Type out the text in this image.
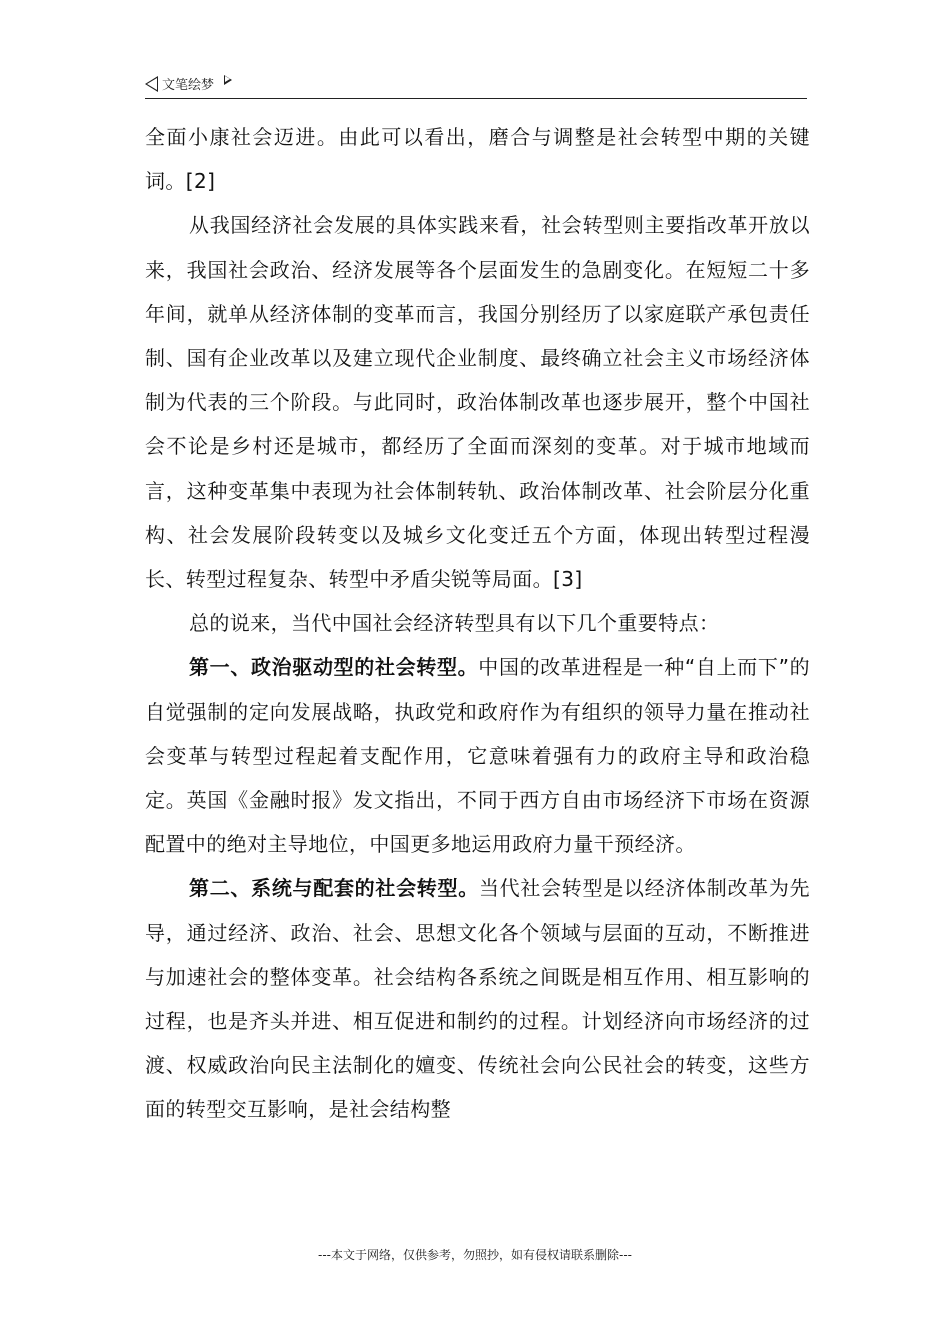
文笔绘梦

全面小康社会迈进。由此可以看出，磨合与调整是社会转型中期的关键词。[2]

从我国经济社会发展的具体实践来看，社会转型则主要指改革开放以来，我国社会政治、经济发展等各个层面发生的急剧变化。在短短二十多年间，就单从经济体制的变革而言，我国分别经历了以家庭联产承包责任制、国有企业改革以及建立现代企业制度、最终确立社会主义市场经济体制为代表的三个阶段。与此同时，政治体制改革也逐步展开，整个中国社会不论是乡村还是城市，都经历了全面而深刻的变革。对于城市地域而言，这种变革集中表现为社会体制转轨、政治体制改革、社会阶层分化重构、社会发展阶段转变以及城乡文化变迁五个方面，体现出转型过程漫长、转型过程复杂、转型中矛盾尖锐等局面。[3]

总的说来，当代中国社会经济转型具有以下几个重要特点：

第一、政治驱动型的社会转型。中国的改革进程是一种“自上而下”的自觉强制的定向发展战略，执政党和政府作为有组织的领导力量在推动社会变革与转型过程起着支配作用，它意味着强有力的政府主导和政治稳定。英国《金融时报》发文指出，不同于西方自由市场经济下市场在资源配置中的绝对主导地位，中国更多地运用政府力量干预经济。

第二、系统与配套的社会转型。当代社会转型是以经济体制改革为先导，通过经济、政治、社会、思想文化各个领域与层面的互动，不断推进与加速社会的整体变革。社会结构各系统之间既是相互作用、相互影响的过程，也是齐头并进、相互促进和制约的过程。计划经济向市场经济的过渡、权威政治向民主法制化的嬗变、传统社会向公民社会的转变，这些方面的转型交互影响，是社会结构整

---本文于网络，仅供参考，勿照抄，如有侵权请联系删除---
